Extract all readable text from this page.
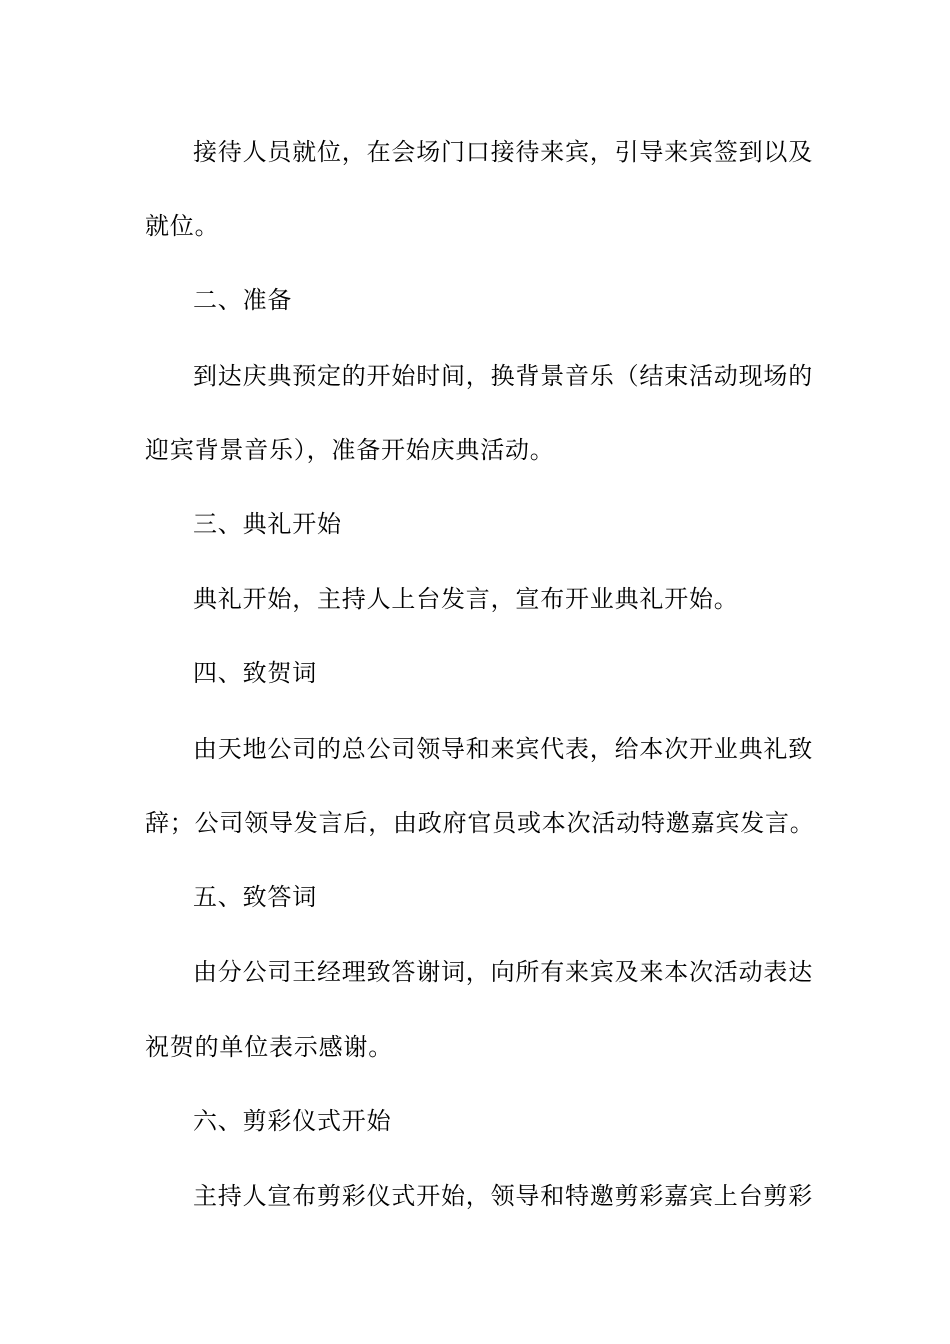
接待人员就位，在会场门口接待来宾，引导来宾签到以及
就位。
二、准备
到达庆典预定的开始时间，换背景音乐（结束活动现场的
迎宾背景音乐），准备开始庆典活动。
三、典礼开始
典礼开始，主持人上台发言，宣布开业典礼开始。
四、致贺词
由天地公司的总公司领导和来宾代表，给本次开业典礼致
辞；公司领导发言后，由政府官员或本次活动特邀嘉宾发言。
五、致答词
由分公司王经理致答谢词，向所有来宾及来本次活动表达
祝贺的单位表示感谢。
六、剪彩仪式开始
主持人宣布剪彩仪式开始，领导和特邀剪彩嘉宾上台剪彩
